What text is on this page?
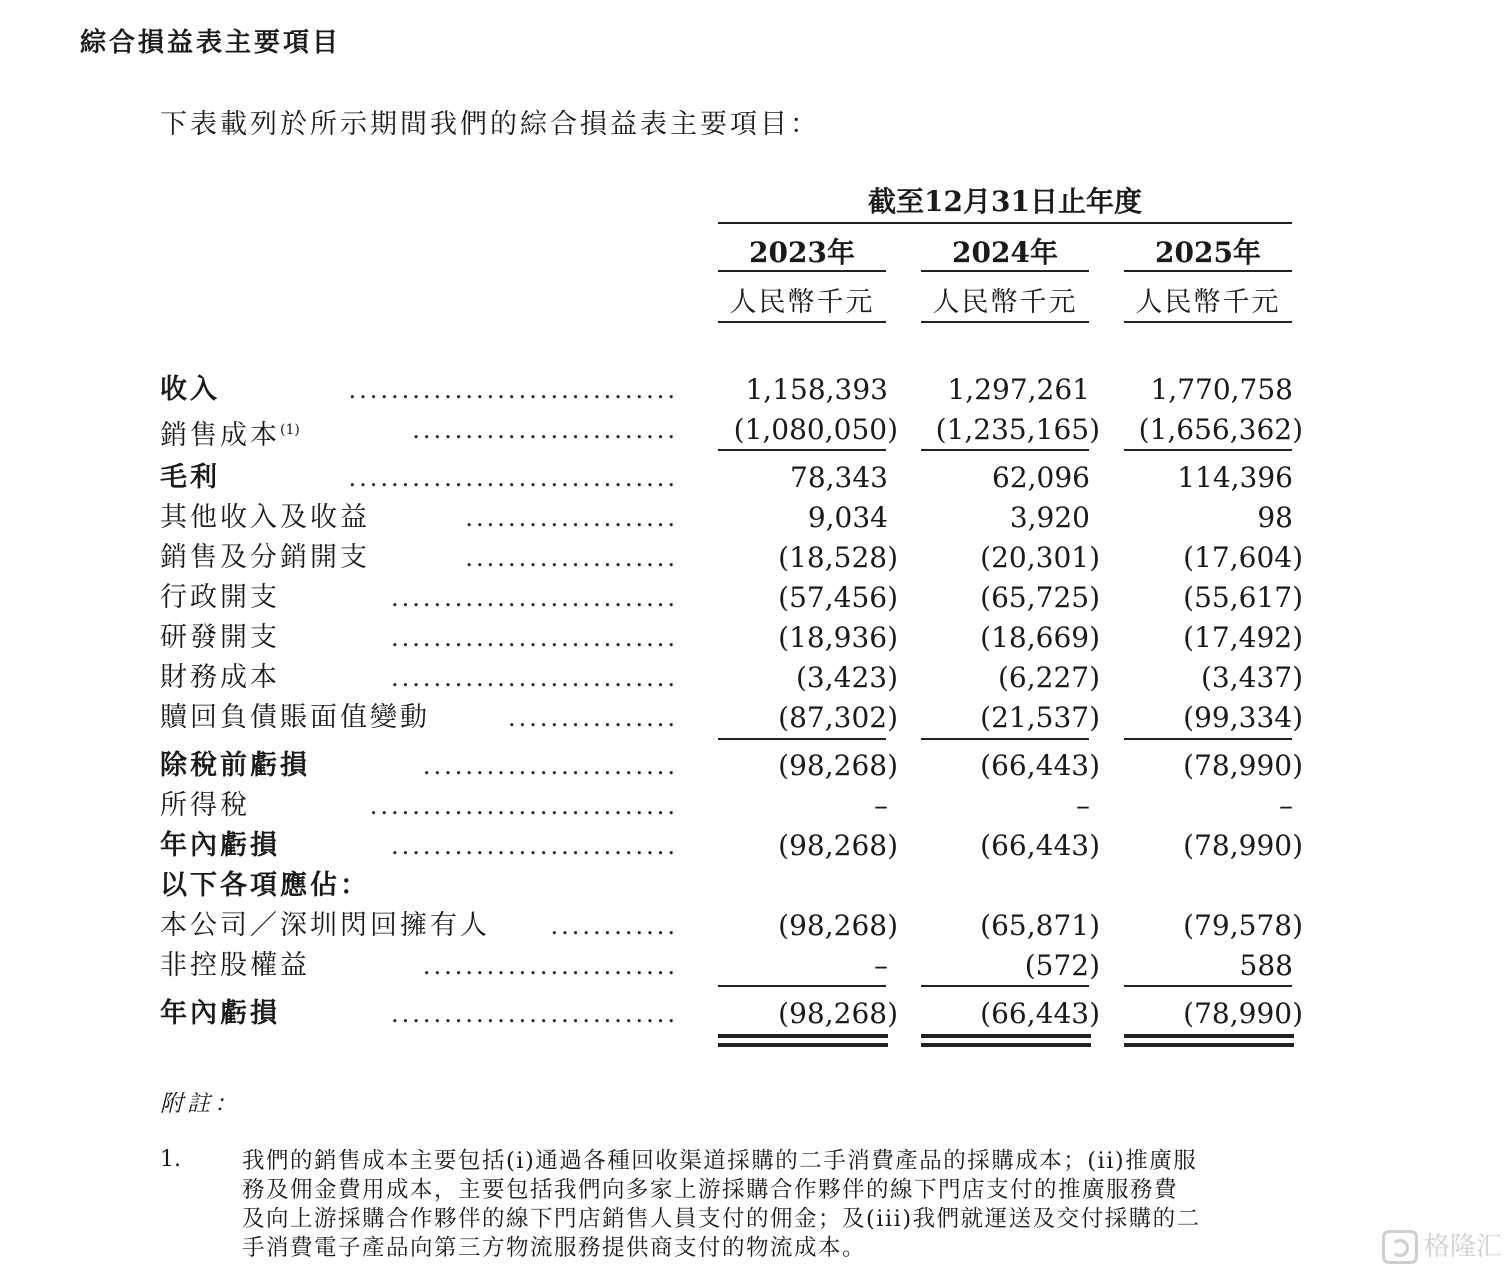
綜合損益表主要項目
下表載列於所示期間我們的綜合損益表主要項目：
截至12月31日止年度
2023年	2024年	2025年
人民幣千元	人民幣千元	人民幣千元
收入	...............................	1,158,393	1,297,261	1,770,758
銷售成本$^{(1)}$	.........................	(1,080,050)	(1,235,165)	(1,656,362)
毛利	...............................	78,343	62,096	114,396
其他收入及收益	....................	9,034	3,920	98
銷售及分銷開支	....................	(18,528)	(20,301)	(17,604)
行政開支	...........................	(57,456)	(65,725)	(55,617)
研發開支	...........................	(18,936)	(18,669)	(17,492)
財務成本	...........................	(3,423)	(6,227)	(3,437)
贖回負債賬面值變動	................	(87,302)	(21,537)	(99,334)
除稅前虧損	........................	(98,268)	(66,443)	(78,990)
所得稅	.............................	–	–	–
年內虧損	...........................	(98,268)	(66,443)	(78,990)
以下各項應佔：
本公司／深圳閃回擁有人	............	(98,268)	(65,871)	(79,578)
非控股權益	........................	–	(572)	588
年內虧損	...........................	(98,268)	(66,443)	(78,990)
附註：
1.	我們的銷售成本主要包括(i)通過各種回收渠道採購的二手消費產品的採購成本；(ii)推廣服
務及佣金費用成本，主要包括我們向多家上游採購合作夥伴的線下門店支付的推廣服務費
及向上游採購合作夥伴的線下門店銷售人員支付的佣金；及(iii)我們就運送及交付採購的二
手消費電子產品向第三方物流服務提供商支付的物流成本。	格隆汇
